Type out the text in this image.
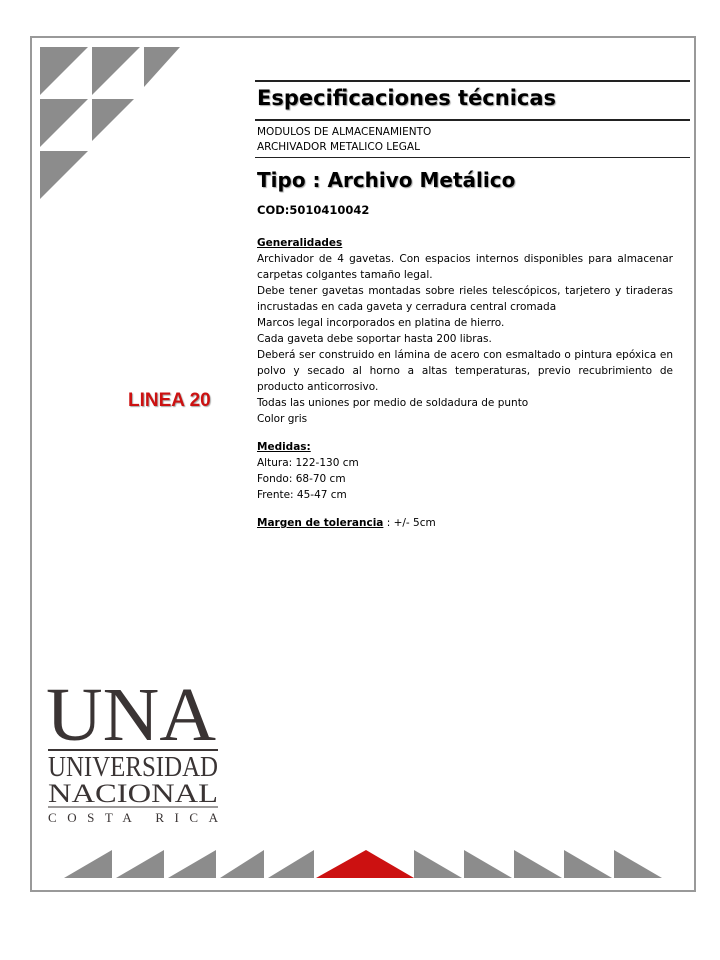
LINEA 20
Especificaciones técnicas
MODULOS DE ALMACENAMIENTO
ARCHIVADOR METALICO LEGAL
Tipo : Archivo Metálico
COD:5010410042
Generalidades

Archivador de 4 gavetas. Con espacios internos disponibles para almacenar carpetas colgantes tamaño legal.

Debe tener gavetas montadas sobre rieles telescópicos, tarjetero y tiraderas incrustadas en cada gaveta y cerradura central cromada

Marcos legal incorporados en platina de hierro.

Cada gaveta debe soportar hasta 200 libras.

Deberá ser construido en lámina de acero con esmaltado o pintura epóxica en polvo y secado al horno a altas temperaturas, previo recubrimiento de producto anticorrosivo.

Todas las uniones por medio de soldadura de punto

Color gris

Medidas:

Altura: 122-130 cm

Fondo: 68-70 cm

Frente: 45-47 cm

Margen de tolerancia : +/- 5cm

UNA
UNIVERSIDAD
NACIONAL
COSTA RICA
